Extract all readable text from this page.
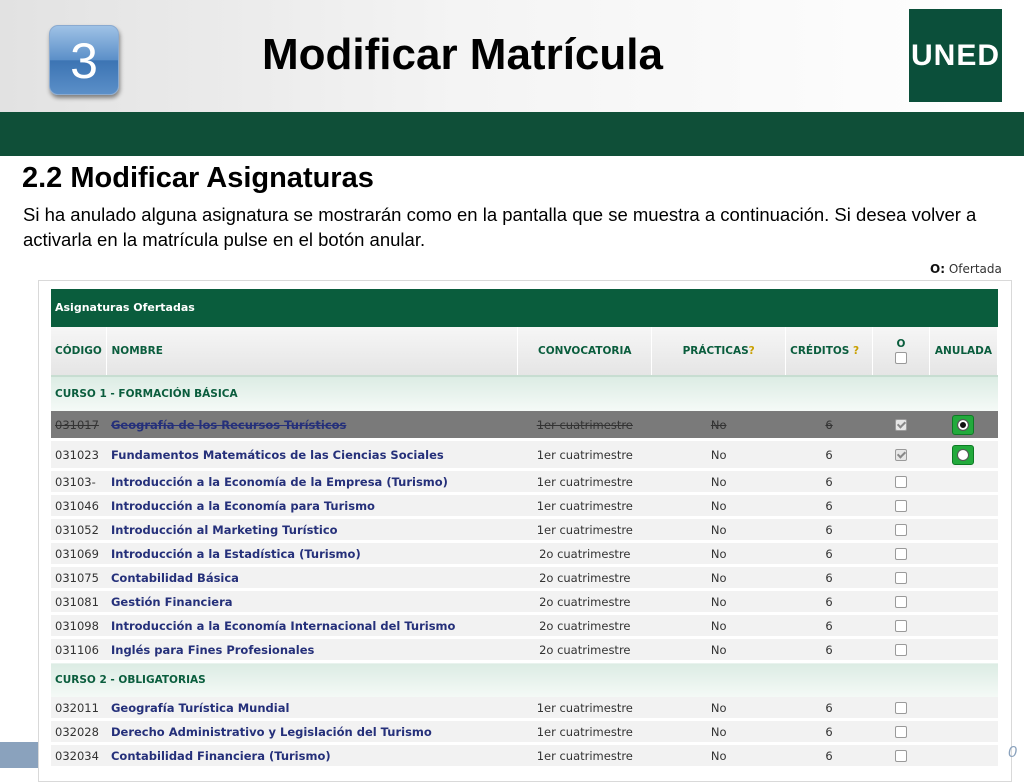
3	Modificar Matrícula	UNED
2.2 Modificar Asignaturas
Si ha anulado alguna asignatura se mostrarán como en la pantalla que se muestra a continuación. Si desea volver a activarla en la matrícula pulse en el botón anular.
O: Ofertada
Asignaturas Ofertadas
CÓDIGO	NOMBRE	CONVOCATORIA	PRÁCTICAS?	CRÉDITOS ?	O	ANULADA
CURSO 1 - FORMACIÓN BÁSICA						
031017	Geografía de los Recursos Turísticos	1er cuatrimestre	No	6		
031023	Fundamentos Matemáticos de las Ciencias Sociales	1er cuatrimestre	No	6		
03103-	Introducción a la Economía de la Empresa (Turismo)	1er cuatrimestre	No	6		
031046	Introducción a la Economía para Turismo	1er cuatrimestre	No	6		
031052	Introducción al Marketing Turístico	1er cuatrimestre	No	6		
031069	Introducción a la Estadística (Turismo)	2o cuatrimestre	No	6		
031075	Contabilidad Básica	2o cuatrimestre	No	6		
031081	Gestión Financiera	2o cuatrimestre	No	6		
031098	Introducción a la Economía Internacional del Turismo	2o cuatrimestre	No	6		
031106	Inglés para Fines Profesionales	2o cuatrimestre	No	6		
CURSO 2 - OBLIGATORIAS						
032011	Geografía Turística Mundial	1er cuatrimestre	No	6		
032028	Derecho Administrativo y Legislación del Turismo	1er cuatrimestre	No	6		
032034	Contabilidad Financiera (Turismo)	1er cuatrimestre	No	6			0
